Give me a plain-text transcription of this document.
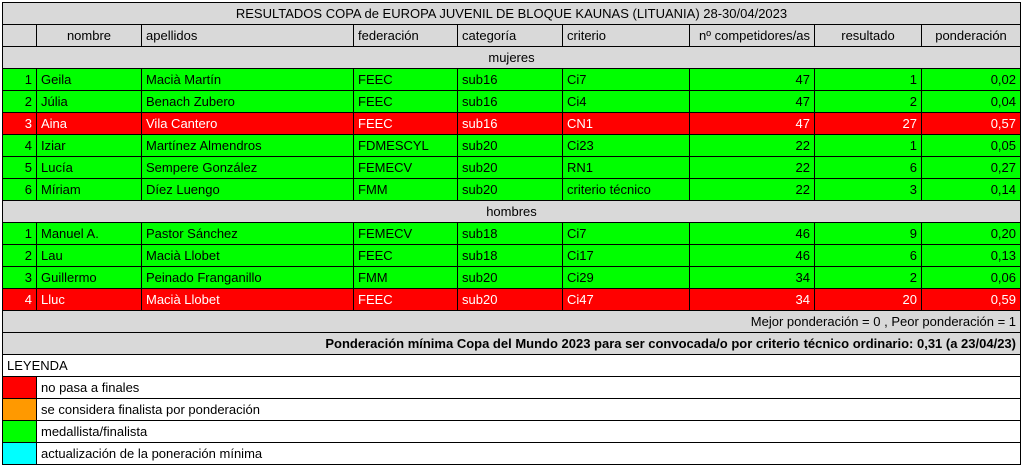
RESULTADOS COPA de EUROPA JUVENIL DE BLOQUE KAUNAS (LITUANIA) 28-30/04/2023								
	nombre	apellidos	federación	categoría	criterio	nº competidores/as	resultado	ponderación
mujeres								
1	Geila	Macià Martín	FEEC	sub16	Ci7	47	1	0,02
2	Júlia	Benach Zubero	FEEC	sub16	Ci4	47	2	0,04
3	Aina	Vila Cantero	FEEC	sub16	CN1	47	27	0,57
4	Iziar	Martínez Almendros	FDMESCYL	sub20	Ci23	22	1	0,05
5	Lucía	Sempere González	FEMECV	sub20	RN1	22	6	0,27
6	Míriam	Díez Luengo	FMM	sub20	criterio técnico	22	3	0,14
hombres								
1	Manuel A.	Pastor Sánchez	FEMECV	sub18	Ci7	46	9	0,20
2	Lau	Macià Llobet	FEEC	sub18	Ci17	46	6	0,13
3	Guillermo	Peinado Franganillo	FMM	sub20	Ci29	34	2	0,06
4	Lluc	Macià Llobet	FEEC	sub20	Ci47	34	20	0,59
Mejor ponderación = 0 , Peor ponderación = 1								
Ponderación mínima Copa del Mundo 2023 para ser convocada/o por criterio técnico ordinario: 0,31 (a 23/04/23)								
LEYENDA								
	no pasa a finales							
	se considera finalista por ponderación							
	medallista/finalista							
	actualización de la poneración mínima							
